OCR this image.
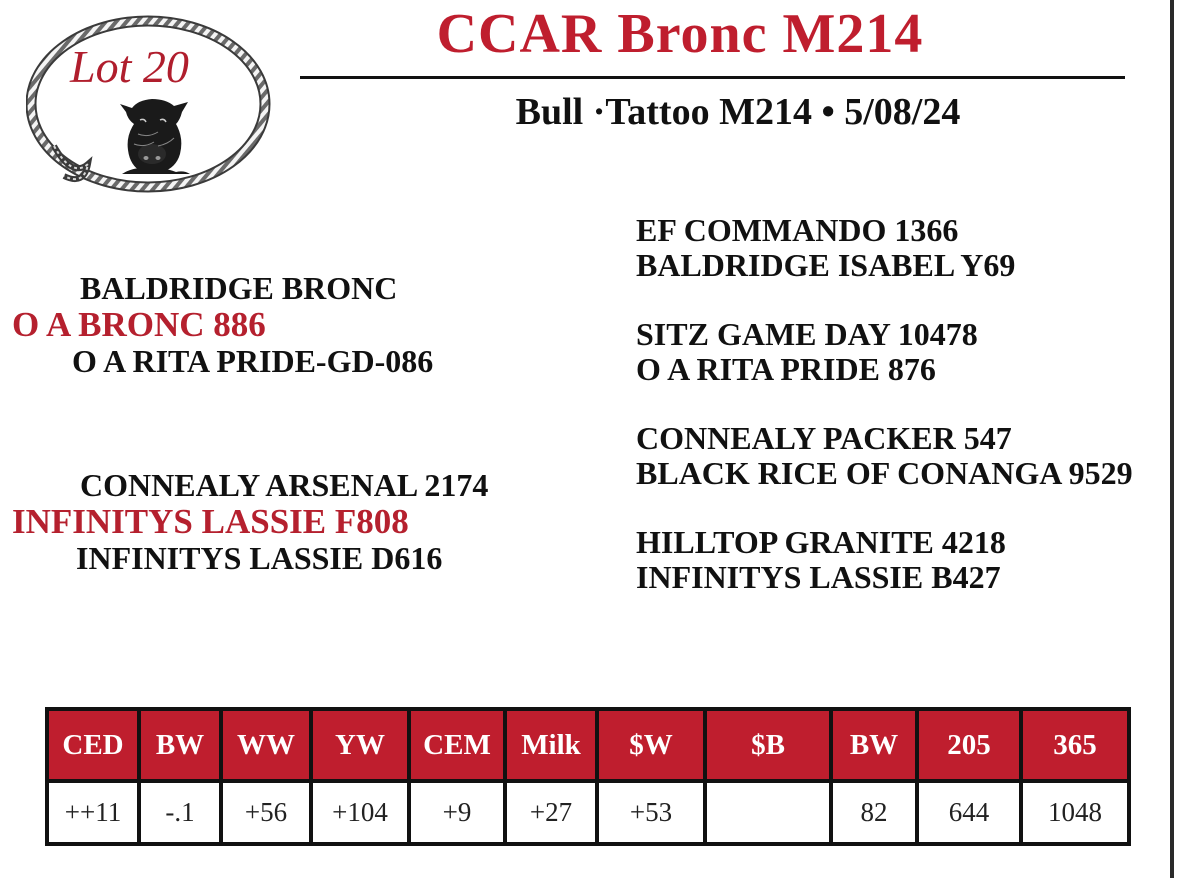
Lot 20
CCAR Bronc M214
Bull ·Tattoo M214 • 5/08/24
BALDRIDGE BRONC
O A BRONC 886
O A RITA PRIDE-GD-086
CONNEALY ARSENAL 2174
INFINITYS LASSIE F808
INFINITYS LASSIE D616
EF COMMANDO 1366
BALDRIDGE ISABEL Y69
SITZ GAME DAY 10478
O A RITA PRIDE 876
CONNEALY PACKER 547
BLACK RICE OF CONANGA 9529
HILLTOP GRANITE 4218
INFINITYS LASSIE B427
CED	BW	WW	YW	CEM	Milk	$W	$B	BW	205	365
++11	-.1	+56	+104	+9	+27	+53		82	644	1048
